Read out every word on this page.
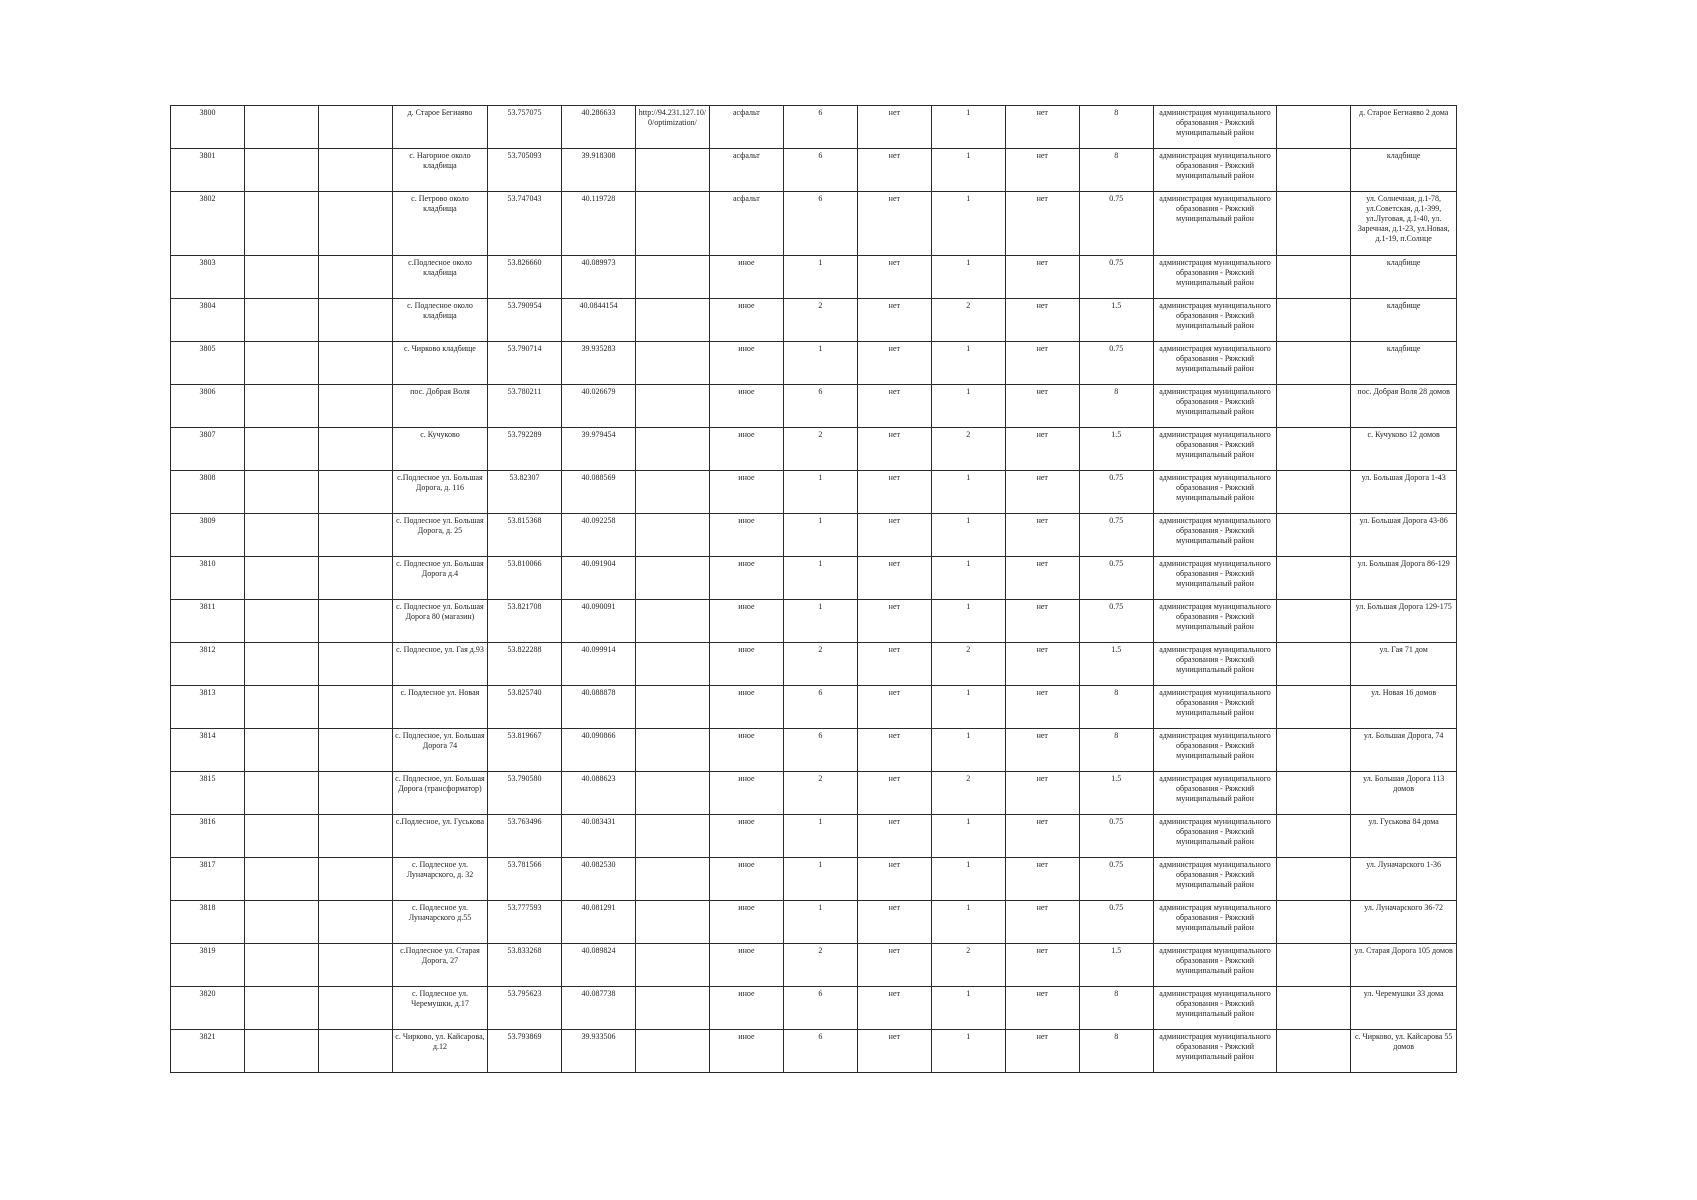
3800			д. Старое Бегиаяво	53.757075	40.286633	http://94.231.127.10/0/optimization/	асфальт	6	нет	1	нет	8	администрация муниципального образования - Ряжский муниципальный район		д. Старое Бегиаяво 2 дома
3801			с. Нагорное около кладбища	53.705093	39.918308		асфальт	6	нет	1	нет	8	администрация муниципального образования - Ряжский муниципальный район		кладбище
3802			с. Петрово около кладбища	53.747043	40.119728		асфальт	6	нет	1	нет	0.75	администрация муниципального образования - Ряжский муниципальный район		ул. Солнечная, д.1-78, ул.Советская, д.1-399, ул.Луговая, д.1-40, ул. Заречная, д.1-23, ул.Новая, д.1-19, п.Солнце
3803			с.Подлесное около кладбища	53.826660	40.089973		иное	1	нет	1	нет	0.75	администрация муниципального образования - Ряжский муниципальный район		кладбище
3804			с. Подлесное около кладбища	53.790954	40.0844154		иное	2	нет	2	нет	1.5	администрация муниципального образования - Ряжский муниципальный район		кладбище
3805			с. Чирково кладбище	53.790714	39.935283		иное	1	нет	1	нет	0.75	администрация муниципального образования - Ряжский муниципальный район		кладбище
3806			пос. Добрая Воля	53.780211	40.026679		иное	6	нет	1	нет	8	администрация муниципального образования - Ряжский муниципальный район		пос. Добрая Воля 28 домов
3807			с. Кучуково	53.792289	39.979454		иное	2	нет	2	нет	1.5	администрация муниципального образования - Ряжский муниципальный район		с. Кучуково 12 домов
3808			с.Подлесное ул. Большая Дорога, д. 116	53.82307	40.088569		иное	1	нет	1	нет	0.75	администрация муниципального образования - Ряжский муниципальный район		ул. Большая Дорога 1-43
3809			с. Подлесное ул. Большая Дорога, д. 25	53.815368	40.092258		иное	1	нет	1	нет	0.75	администрация муниципального образования - Ряжский муниципальный район		ул. Большая Дорога 43-86
3810			с. Подлесное ул. Большая Дорога д.4	53.810066	40.091904		иное	1	нет	1	нет	0.75	администрация муниципального образования - Ряжский муниципальный район		ул. Большая Дорога 86-129
3811			с. Подлесное ул. Большая Дорога 80 (магазин)	53.821708	40.090091		иное	1	нет	1	нет	0.75	администрация муниципального образования - Ряжский муниципальный район		ул. Большая Дорога 129-175
3812			с. Подлесное, ул. Гая д.93	53.822288	40.099914		иное	2	нет	2	нет	1.5	администрация муниципального образования - Ряжский муниципальный район		ул. Гая 71 дом
3813			с. Подлесное ул. Новая	53.825740	40.088878		иное	6	нет	1	нет	8	администрация муниципального образования - Ряжский муниципальный район		ул. Новая 16 домов
3814			с. Подлесное, ул. Большая Дорога 74	53.819667	40.090866		иное	6	нет	1	нет	8	администрация муниципального образования - Ряжский муниципальный район		ул. Большая Дорога, 74
3815			с. Подлесное, ул. Большая Дорога (трансформатор)	53.790580	40.088623		иное	2	нет	2	нет	1.5	администрация муниципального образования - Ряжский муниципальный район		ул. Большая Дорога 113 домов
3816			с.Подлесное, ул. Гуськова	53.763496	40.083431		иное	1	нет	1	нет	0.75	администрация муниципального образования - Ряжский муниципальный район		ул. Гуськова 84 дома
3817			с. Подлесное ул. Луначарского, д. 32	53.781566	40.082530		иное	1	нет	1	нет	0.75	администрация муниципального образования - Ряжский муниципальный район		ул. Луначарского 1-36
3818			с. Подлесное ул. Луначарского д.55	53.777593	40.081291		иное	1	нет	1	нет	0.75	администрация муниципального образования - Ряжский муниципальный район		ул. Луначарского 36-72
3819			с.Подлесное ул. Старая Дорога, 27	53.833268	40.089824		иное	2	нет	2	нет	1.5	администрация муниципального образования - Ряжский муниципальный район		ул. Старая Дорога 105 домов
3820			с. Подлесное ул. Черемушки, д.17	53.795623	40.087738		иное	6	нет	1	нет	8	администрация муниципального образования - Ряжский муниципальный район		ул. Черемушки 33 дома
3821			с. Чирково, ул. Кайсарова, д.12	53.793869	39.933506		иное	6	нет	1	нет	8	администрация муниципального образования - Ряжский муниципальный район		с. Чирково, ул. Кайсарова 55 домов
